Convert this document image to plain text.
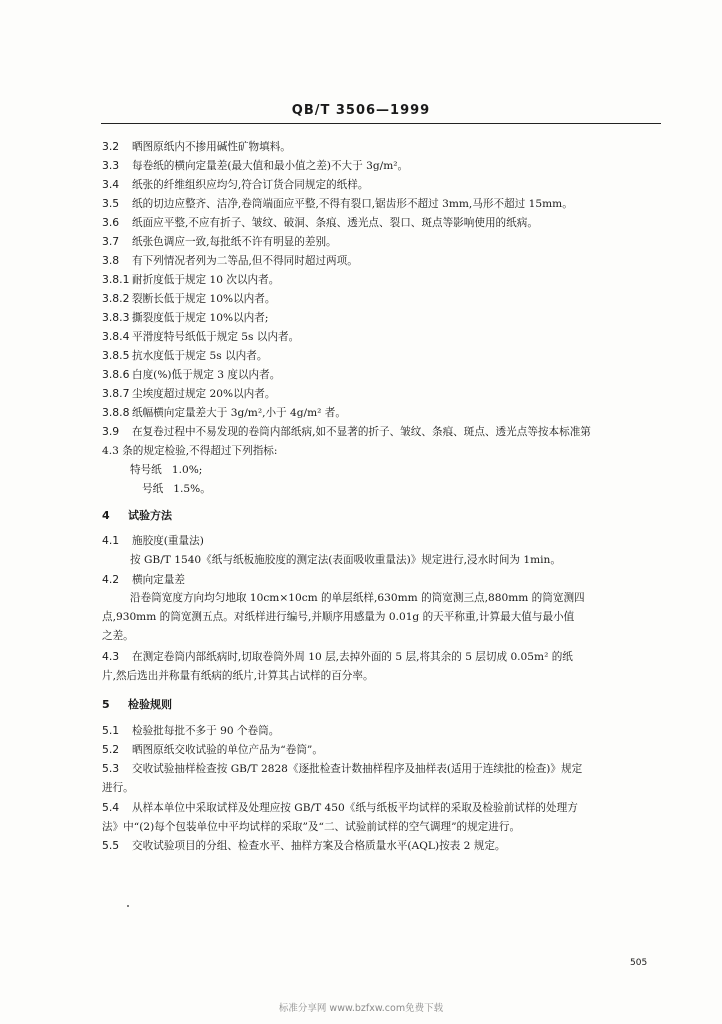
QB/T 3506—1999
3.2 晒图原纸内不掺用碱性矿物填料。
3.3 每卷纸的横向定量差(最大值和最小值之差)不大于 3g/m²。
3.4 纸张的纤维组织应均匀,符合订货合同规定的纸样。
3.5 纸的切边应整齐、洁净,卷筒端面应平整,不得有裂口,锯齿形不超过 3mm,马形不超过 15mm。
3.6 纸面应平整,不应有折子、皱纹、破洞、条痕、透光点、裂口、斑点等影响使用的纸病。
3.7 纸张色调应一致,每批纸不许有明显的差别。
3.8 有下列情况者列为二等品,但不得同时超过两项。
3.8.1 耐折度低于规定 10 次以内者。
3.8.2 裂断长低于规定 10%以内者。
3.8.3 撕裂度低于规定 10%以内者;
3.8.4 平滑度特号纸低于规定 5s 以内者。
3.8.5 抗水度低于规定 5s 以内者。
3.8.6 白度(%)低于规定 3 度以内者。
3.8.7 尘埃度超过规定 20%以内者。
3.8.8 纸幅横向定量差大于 3g/m²,小于 4g/m² 者。
3.9 在复卷过程中不易发现的卷筒内部纸病,如不显著的折子、皱纹、条痕、斑点、透光点等按本标准第
4.3 条的规定检验,不得超过下列指标:
特号纸 1.0%;
号纸 1.5%。
4 试验方法
4.1 施胶度(重量法)
按 GB/T 1540《纸与纸板施胶度的测定法(表面吸收重量法)》规定进行,浸水时间为 1min。
4.2 横向定量差
沿卷筒宽度方向均匀地取 10cm×10cm 的单层纸样,630mm 的筒宽测三点,880mm 的筒宽测四
点,930mm 的筒宽测五点。对纸样进行编号,并顺序用感量为 0.01g 的天平称重,计算最大值与最小值
之差。
4.3 在测定卷筒内部纸病时,切取卷筒外周 10 层,去掉外面的 5 层,将其余的 5 层切成 0.05m² 的纸
片,然后选出并称量有纸病的纸片,计算其占试样的百分率。
5 检验规则
5.1 检验批每批不多于 90 个卷筒。
5.2 晒图原纸交收试验的单位产品为“卷筒”。
5.3 交收试验抽样检查按 GB/T 2828《逐批检查计数抽样程序及抽样表(适用于连续批的检查)》规定
进行。
5.4 从样本单位中采取试样及处理应按 GB/T 450《纸与纸板平均试样的采取及检验前试样的处理方
法》中“(2)每个包装单位中平均试样的采取”及“二、试验前试样的空气调理”的规定进行。
5.5 交收试验项目的分组、检查水平、抽样方案及合格质量水平(AQL)按表 2 规定。
505
标准分享网 www.bzfxw.com免费下载
